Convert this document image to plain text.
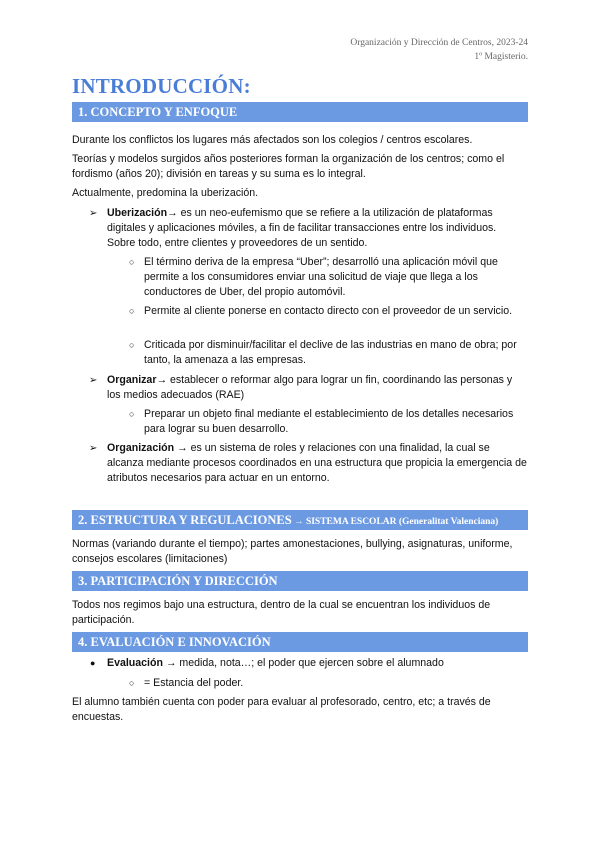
Organización y Dirección de Centros, 2023-24
1º Magisterio.
INTRODUCCIÓN:
1. CONCEPTO Y ENFOQUE
Durante los conflictos los lugares más afectados son los colegios / centros escolares.
Teorías y modelos surgidos años posteriores forman la organización de los centros; como el fordismo (años 20); división en tareas y su suma es lo integral.
Actualmente, predomina la uberización.
➢ Uberización→ es un neo-eufemismo que se refiere a la utilización de plataformas digitales y aplicaciones móviles, a fin de facilitar transacciones entre los individuos. Sobre todo, entre clientes y proveedores de un sentido.
○ El término deriva de la empresa “Uber”; desarrolló una aplicación móvil que permite a los consumidores enviar una solicitud de viaje que llega a los conductores de Uber, del propio automóvil.
○ Permite al cliente ponerse en contacto directo con el proveedor de un servicio.
○ Criticada por disminuir/facilitar el declive de las industrias en mano de obra; por tanto, la amenaza a las empresas.
➢ Organizar→ establecer o reformar algo para lograr un fin, coordinando las personas y los medios adecuados (RAE)
○ Preparar un objeto final mediante el establecimiento de los detalles necesarios para lograr su buen desarrollo.
➢ Organización → es un sistema de roles y relaciones con una finalidad, la cual se alcanza mediante procesos coordinados en una estructura que propicia la emergencia de atributos necesarios para actuar en un entorno.
2. ESTRUCTURA Y REGULACIONES → SISTEMA ESCOLAR (Generalitat Valenciana)
Normas (variando durante el tiempo); partes amonestaciones, bullying, asignaturas, uniforme, consejos escolares (limitaciones)
3. PARTICIPACIÓN Y DIRECCIÓN
Todos nos regimos bajo una estructura, dentro de la cual se encuentran los individuos de participación.
4. EVALUACIÓN E INNOVACIÓN
● Evaluación → medida, nota…; el poder que ejercen sobre el alumnado
○ = Estancia del poder.
El alumno también cuenta con poder para evaluar al profesorado, centro, etc; a través de encuestas.
